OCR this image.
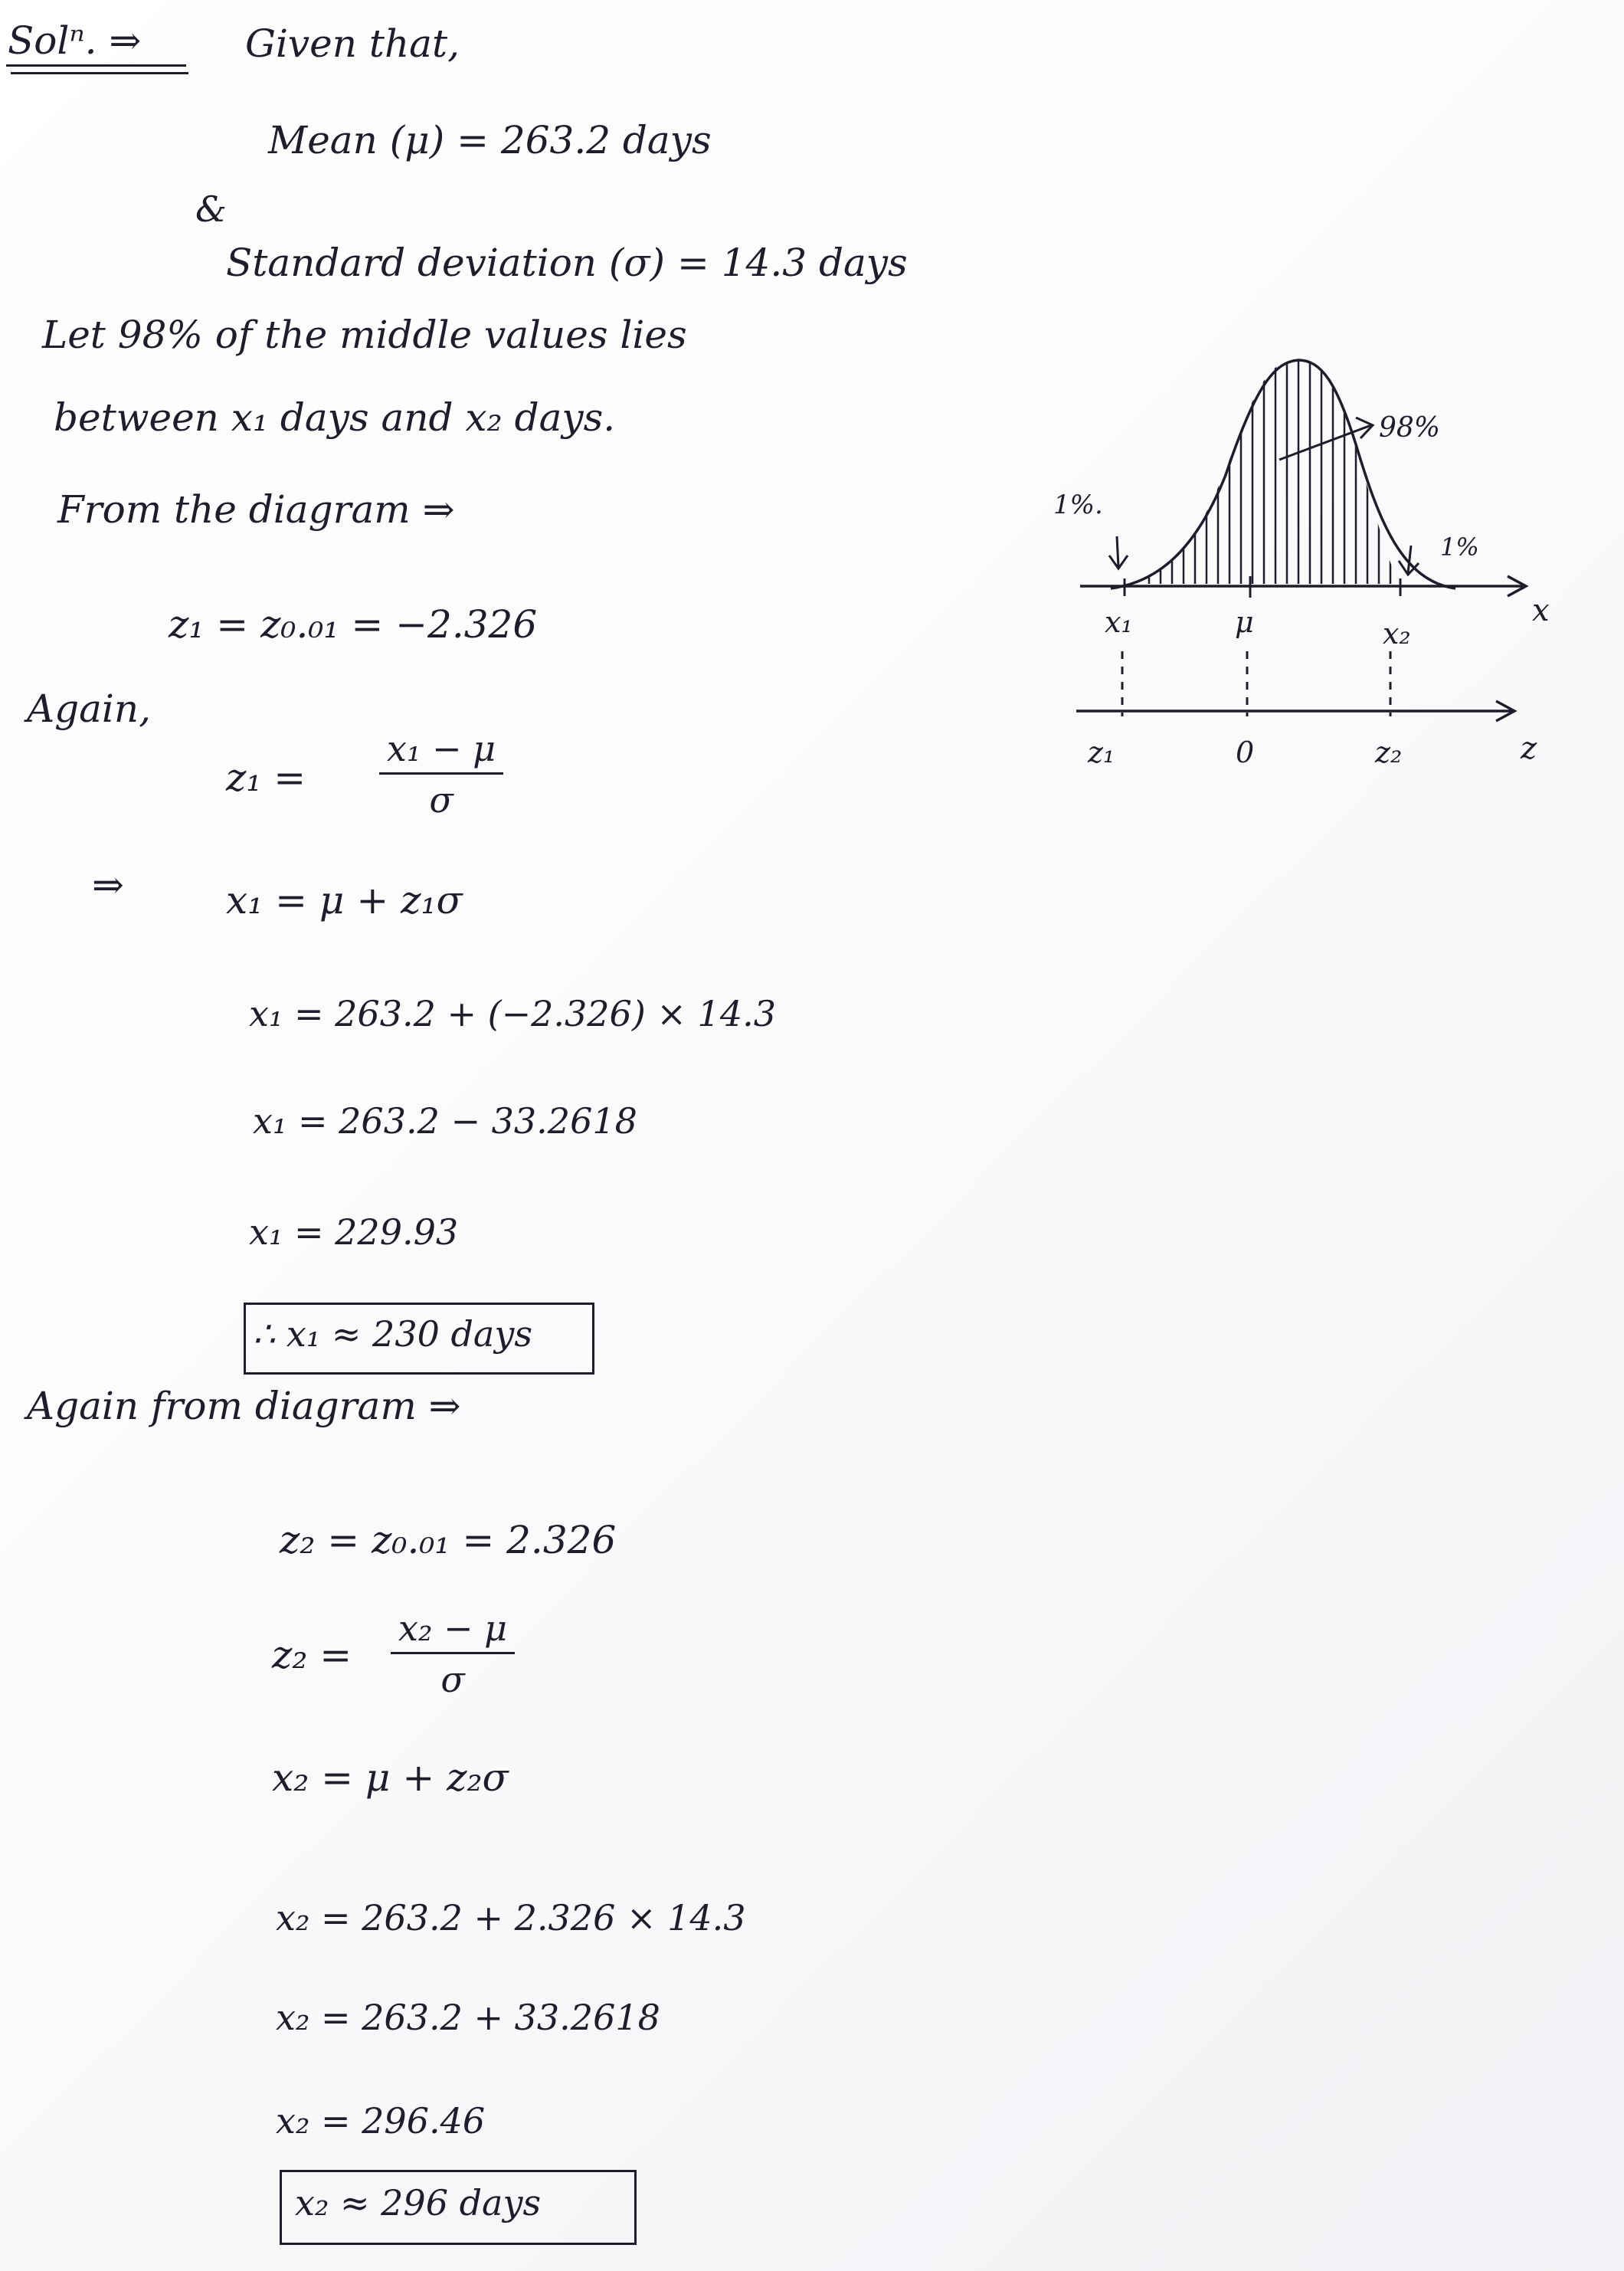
Solⁿ. ⇒	Given that,
Mean (μ) = 263.2 days
&
Standard deviation (σ) = 14.3 days
Let 98% of the middle values lies
between x₁ days and x₂ days.
From the diagram ⇒
z₁ = z₀.₀₁ = −2.326
Again,
$z_1 = \frac{\text{x₁ − μ}}{\sigma}$
⇒	x₁ = μ + z₁σ
x₁ = 263.2 + (−2.326) × 14.3
x₁ = 263.2 − 33.2618
x₁ = 229.93
∴ x₁ ≈ 230 days
Again from diagram ⇒
z₂ = z₀.₀₁ = 2.326
$z_2 = \frac{\text{x₂ − μ}}{\sigma}$
x₂ = μ + z₂σ
x₂ = 263.2 + 2.326 × 14.3
x₂ = 263.2 + 33.2618
x₂ = 296.46
x₂ ≈ 296 days
98%
1%.
1%
x
x₁	μ	x₂
z₁	0	z₂	z
